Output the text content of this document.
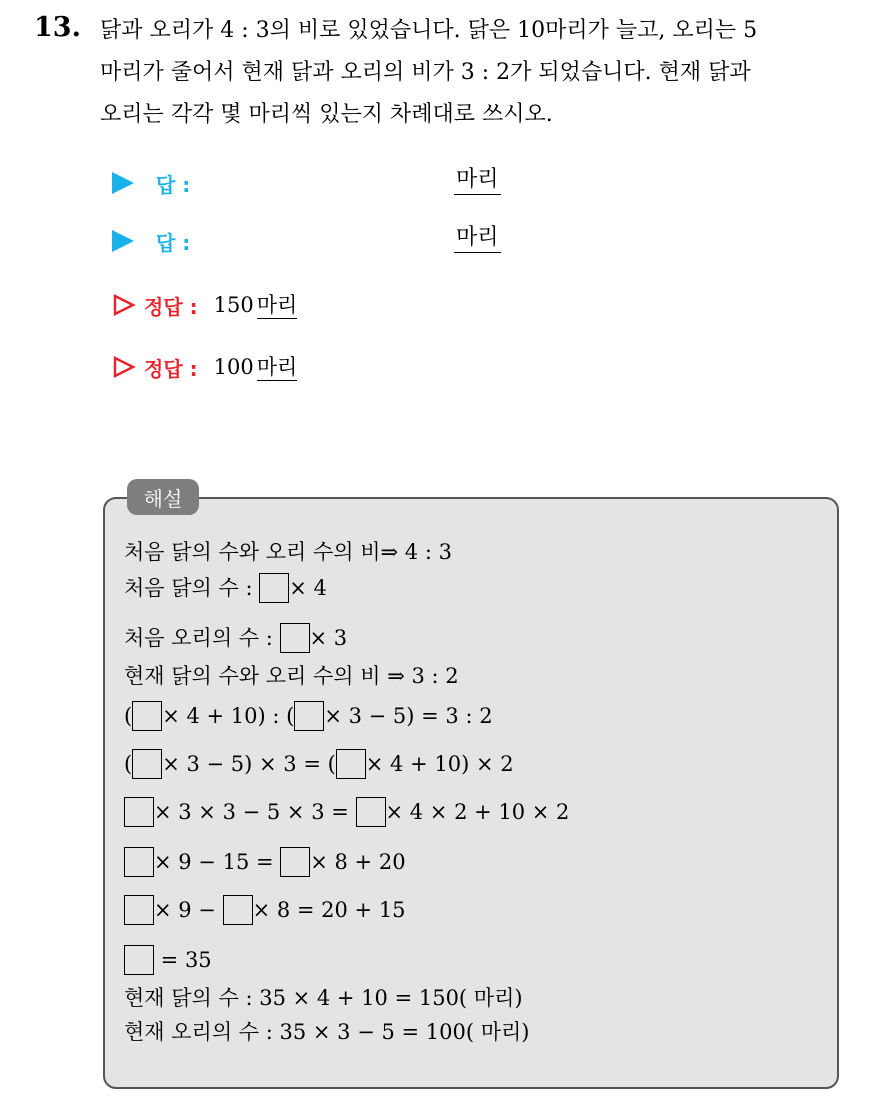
13. 닭과 오리가 4 : 3의 비로 있었습니다. 닭은 10마리가 늘고, 오리는 5
마리가 줄어서 현재 닭과 오리의 비가 3 : 2가 되었습니다. 현재 닭과
오리는 각각 몇 마리씩 있는지 차례대로 쓰시오.
답 :	마리
답 :	마리
정답 : 150 마리
정답 : 100 마리
해설
처음 닭의 수와 오리 수의 비⇒ 4 : 3
처음 닭의 수 : × 4
처음 오리의 수 : × 3
현재 닭의 수와 오리 수의 비 ⇒ 3 : 2
( × 4 + 10) : ( × 3 − 5) = 3 : 2
( × 3 − 5) × 3 = ( × 4 + 10) × 2
× 3 × 3 − 5 × 3 = × 4 × 2 + 10 × 2
× 9 − 15 = × 8 + 20
× 9 − × 8 = 20 + 15
= 35
현재 닭의 수 : 35 × 4 + 10 = 150( 마리)
현재 오리의 수 : 35 × 3 − 5 = 100( 마리)
